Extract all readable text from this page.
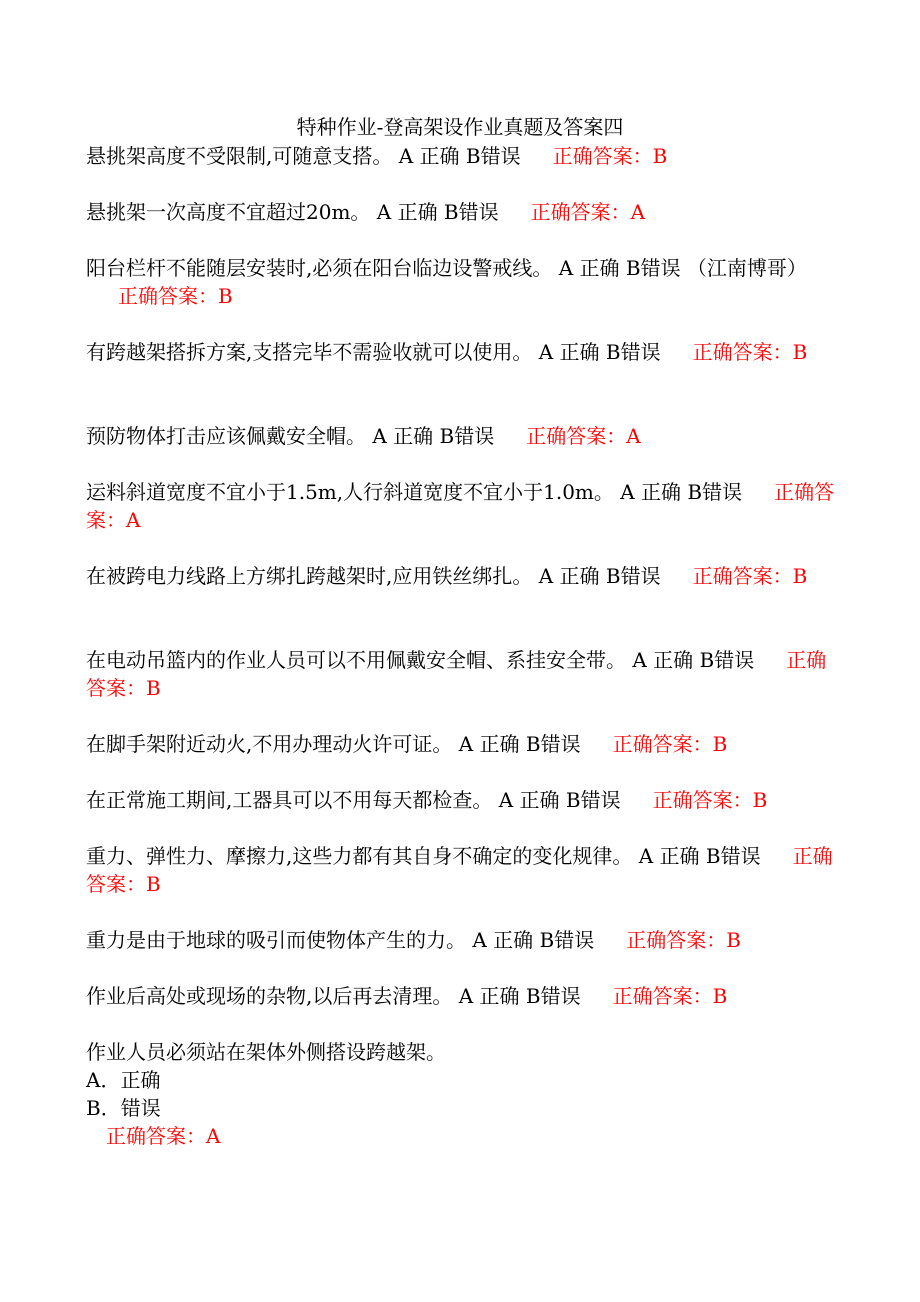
特种作业-登高架设作业真题及答案四
悬挑架高度不受限制,可随意支搭。 A 正确 B错误 正确答案：B
悬挑架一次高度不宜超过20m。 A 正确 B错误 正确答案：A
阳台栏杆不能随层安装时,必须在阳台临边设警戒线。 A 正确 B错误 （江南博哥）正确答案：B
有跨越架搭拆方案,支搭完毕不需验收就可以使用。 A 正确 B错误 正确答案：B
预防物体打击应该佩戴安全帽。 A 正确 B错误 正确答案：A
运料斜道宽度不宜小于1.5m,人行斜道宽度不宜小于1.0m。 A 正确 B错误 正确答案：A
在被跨电力线路上方绑扎跨越架时,应用铁丝绑扎。 A 正确 B错误 正确答案：B
在电动吊篮内的作业人员可以不用佩戴安全帽、系挂安全带。 A 正确 B错误 正确答案：B
在脚手架附近动火,不用办理动火许可证。 A 正确 B错误 正确答案：B
在正常施工期间,工器具可以不用每天都检查。 A 正确 B错误 正确答案：B
重力、弹性力、摩擦力,这些力都有其自身不确定的变化规律。 A 正确 B错误 正确答案：B
重力是由于地球的吸引而使物体产生的力。 A 正确 B错误 正确答案：B
作业后高处或现场的杂物,以后再去清理。 A 正确 B错误 正确答案：B
作业人员必须站在架体外侧搭设跨越架。
A．正确
B．错误
正确答案：A
